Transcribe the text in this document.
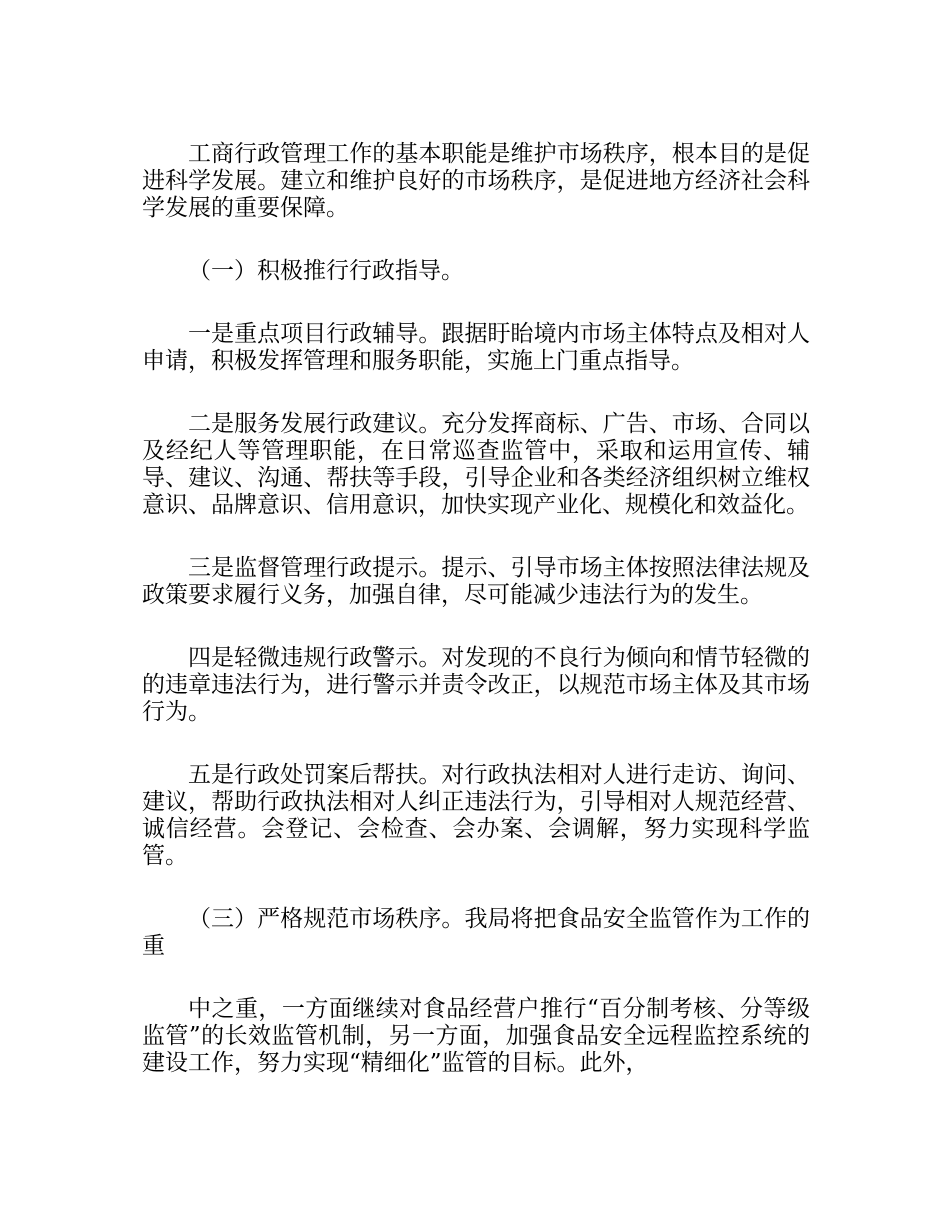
工商行政管理工作的基本职能是维护市场秩序，根本目的是促进科学发展。建立和维护良好的市场秩序，是促进地方经济社会科学发展的重要保障。

（一）积极推行行政指导。

一是重点项目行政辅导。跟据盱眙境内市场主体特点及相对人申请，积极发挥管理和服务职能，实施上门重点指导。

二是服务发展行政建议。充分发挥商标、广告、市场、合同以及经纪人等管理职能，在日常巡查监管中，采取和运用宣传、辅导、建议、沟通、帮扶等手段，引导企业和各类经济组织树立维权意识、品牌意识、信用意识，加快实现产业化、规模化和效益化。

三是监督管理行政提示。提示、引导市场主体按照法律法规及政策要求履行义务，加强自律，尽可能减少违法行为的发生。

四是轻微违规行政警示。对发现的不良行为倾向和情节轻微的的违章违法行为，进行警示并责令改正，以规范市场主体及其市场行为。

五是行政处罚案后帮扶。对行政执法相对人进行走访、询问、建议，帮助行政执法相对人纠正违法行为，引导相对人规范经营、诚信经营。会登记、会检查、会办案、会调解，努力实现科学监管。

（三）严格规范市场秩序。我局将把食品安全监管作为工作的重

中之重，一方面继续对食品经营户推行“百分制考核、分等级监管”的长效监管机制，另一方面，加强食品安全远程监控系统的建设工作，努力实现“精细化”监管的目标。此外，
